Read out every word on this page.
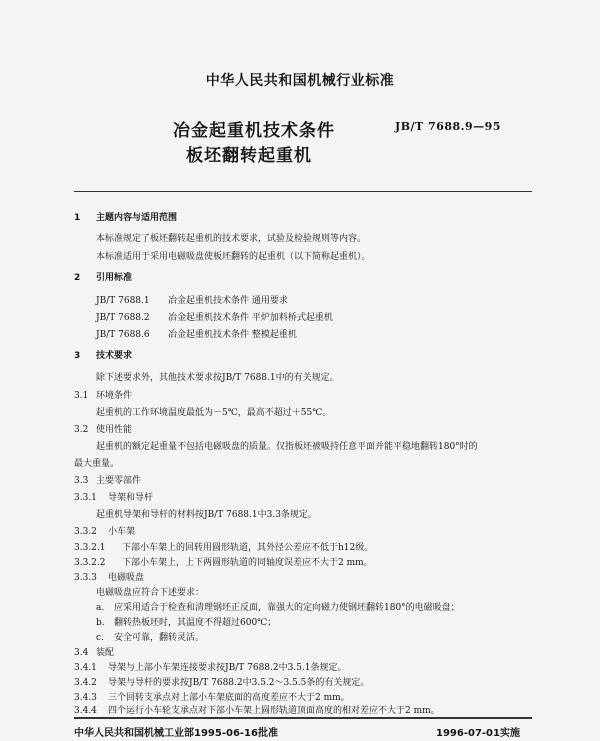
中华人民共和国机械行业标准
冶金起重机技术条件
板坯翻转起重机
JB/T 7688.9—95
1 主题内容与适用范围
本标准规定了板坯翻转起重机的技术要求，试验及检验规则等内容。
本标准适用于采用电磁吸盘使板坯翻转的起重机（以下简称起重机）。
2 引用标准
JB/T 7688.1 冶金起重机技术条件 通用要求
JB/T 7688.2 冶金起重机技术条件 平炉加料桥式起重机
JB/T 7688.6 冶金起重机技术条件 整模起重机
3 技术要求
除下述要求外，其他技术要求按JB/T 7688.1中的有关规定。
3.1 环境条件
起重机的工作环境温度最低为－5℃，最高不超过＋55℃。
3.2 使用性能
起重机的额定起重量不包括电磁吸盘的质量。仅指板坯被吸持任意平面并能平稳地翻转180°时的
最大重量。
3.3 主要零部件
3.3.1 导架和导杆
起重机导架和导杆的材料按JB/T 7688.1中3.3条规定。
3.3.2 小车架
3.3.2.1 下部小车架上的回转用圆形轨道，其外径公差应不低于h12级。
3.3.2.2 下部小车架上，上下两圆形轨道的同轴度误差应不大于2 mm。
3.3.3 电磁吸盘
电磁吸盘应符合下述要求：
a. 应采用适合于检查和清理钢坯正反面，靠强大的定向磁力使钢坯翻转180°的电磁吸盘；
b. 翻转热板坯时，其温度不得超过600℃；
c. 安全可靠，翻转灵活。
3.4 装配
3.4.1 导架与上部小车架连接要求按JB/T 7688.2中3.5.1条规定。
3.4.2 导架与导杆的要求按JB/T 7688.2中3.5.2～3.5.5条的有关规定。
3.4.3 三个回转支承点对上部小车架底面的高度差应不大于2 mm。
3.4.4 四个运行小车轮支承点对下部小车架上圆形轨道顶面高度的相对差应不大于2 mm。
中华人民共和国机械工业部1995-06-16批准	1996-07-01实施
